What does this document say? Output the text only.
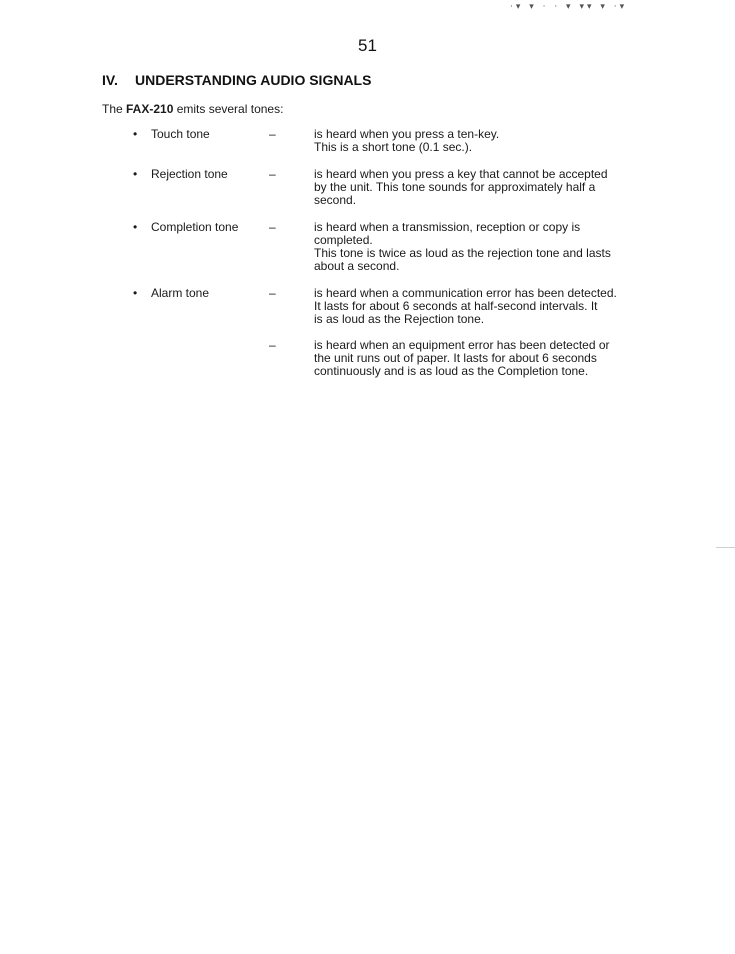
·▾ ▾ · · ▾ ▾▾ ▾ ·▾
51
IV. UNDERSTANDING AUDIO SIGNALS
The FAX-210 emits several tones:
•	Touch tone	–	is heard when you press a ten-key.
This is a short tone (0.1 sec.).
•	Rejection tone	–	is heard when you press a key that cannot be accepted
by the unit. This tone sounds for approximately half a
second.
•	Completion tone	–	is heard when a transmission, reception or copy is
completed.
This tone is twice as loud as the rejection tone and lasts
about a second.
•	Alarm tone	–	is heard when a communication error has been detected.
It lasts for about 6 seconds at half-second intervals. It
is as loud as the Rejection tone.
–	is heard when an equipment error has been detected or
the unit runs out of paper. It lasts for about 6 seconds
continuously and is as loud as the Completion tone.
